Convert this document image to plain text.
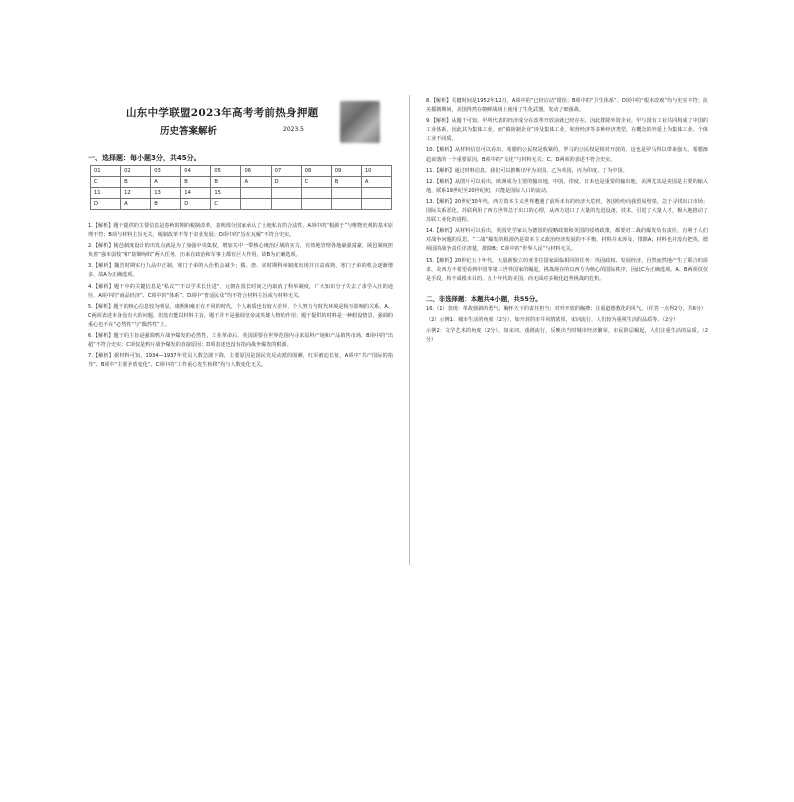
山东中学联盟2023年高考考前热身押题
历史答案解析	2023.5
一、选择题：每小题3分，共45分。
01	02	03	04	05	06	07	08	09	10
C	B	A	B	B	A	D	C	B	A
11	12	13	14	15					
D	A	B	D	C					

1.【解析】题干提供的主要信息是春秋时期的税制改革，表明部分国家承认了土地私有的合法性，A项中的“根源于”与唯物史观的基本原理不符；B项与材料主旨无关，税制改革不等于农业发展；D项中的“旨在瓦解”不符合史实。

2.【解析】陵邑制度设计的出发点就是为了加强中央集权，增加关中一带核心统治区域的实力，有效地管理各地豪强富豪，陵邑制度担负着“强本弱枝”和“防御匈奴”两大任务，历来在政治和军事上都有巨大作用，故B为正确选项。

3.【解析】魏晋时期实行九品中正制，寒门子弟的入仕机会减少；隋、唐、宋时期科举制度出现并日益成熟，寒门子弟的机会逐渐增多，故A为正确选项。

4.【解析】题干中的关键信息是“私议”“不以学术长仕进”，元朝在很长时间之内取消了科举制度，广大知识分子失去了求学入仕的途径，A项中的“商品经济”、C项中的“体系”、D项中“普适民众”均不符合材料主旨或与材料无关。

5.【解析】题干的核心信息较为明显，康熙和雍正在不同的时代，个人素质也有较大差异，个人努力与时代环境是相互影响的关系，A、C两项表述本身没有大的问题，但没有能以材料主旨，题干并不是强调皇帝或英雄人物的作用；题干提供的材料是一种假设情景，强调的重心也不在“必然性”与“偶然性”上。

6.【解析】题干的主旨是强调鸦片战争爆发的必然性，工业革命后，英国需要在世界范围内寻求原料产地和产品销售市场，B项中的“出超”不符合史实；C项仅是鸦片战争爆发的直接原因；D项表述也没有指向战争爆发的根源。

7.【解析】据材料可知，1934—1937年党员人数急剧下降，主要原因是国民党反动派的围剿，红军被迫长征，A项中“共产国际的指导”、B项中“主要矛盾变化”、C项中的“工作重心发生转移”均与人数变化无关。

8.【解析】关键时间是1952年12月，A项中的“已经启动”错误；B项中的“卫生体系”、D项中的“根本改观”均与史实不符；抗美援朝期间，美国得然在朝鲜战场上使用了生化武器，发动了细菌战。

9.【解析】从题干可知，甲所代表的经济成分在改革开放前就已经存在，因此排除外资企业。甲与国有工业共同构成了中国的工业体系，因此其为集体工业，而“镇街制企业”涉及集体工业，和营经济等多种经济类型，在概念的外延上为集体工业、个体工业不同质。

10.【解析】从材料信息可以看出，希腊的公民权是收紧的，罗马的公民权是相对开放的，这也是罗马得以带来强大、希腊渐趋衰落的一个重要原因，B项中的“文化”与材料无关；C、D两项的表述不符合史实。

11.【解析】通过材料信息，我们可以推断出甲为美国、乙为英国、丙为印度、丁为中国。

12.【解析】从图片可以看出，欧洲成为主要的输出地，中国、印度、日本也是重要的输出地，美洲尤其是美国是主要的输入地，联系19世纪至20世纪初，只能是国际人口的流动。

13.【解析】20世纪30年代，西方资本主义世界遭遇了前所未有的经济大危机，各国纷纷向我贸易壁垒，急于寻找出口市场；国际关系恶化，苏联利用了西方世界急于出口的心理，从西方进口了大量的先进设备、技术，引进了大量人才，极大地推动了苏联工业化的进程。

14.【解析】从材料可以看出，英国史学家认为德国的侵略政策和英国的绥靖政策，都要对二战的爆发负有责任，有利于人们对战争问题的反思，“二战”爆发的根源仍是资本主义政治经济发展的不平衡，材料并未涉及，排除A；材料也并没有把英、德两国的战争责任详清楚，排除B；C项中的“世界人民”与材料无关。

15.【解析】20世纪五十年代，大量新独立的亚非拉国家面临相同的任务：巩固政权、发展经济，自然而然地产生了联合的需求，美西方不希望看到中国等第三世界国家的崛起，挑战现存的以西方为核心的国际秩序，因此C为正确选项。A、B两项仅仅是手段，构不成根本目的。五十年代的美国，尚无面对多极化趋势挑战的危机。

二、非选择题：本题共4小题，共55分。

16.（1）表现：革故鼎新的勇气；胸怀天下的责任担当；对外开放的胸襟；注重道德教化的风气。（任答一点得2分，共6分）

（2）示例1：城市生活的角度（2分），如开封的市井风情浓厚，宋词流行，人们较为重视生活的品质等。（2分）

示例2：文学艺术的角度（2分），如宋词、戏剧流行，反映出当时城市经济繁荣，市民阶层崛起，人们注重生活的品质。（2分）
